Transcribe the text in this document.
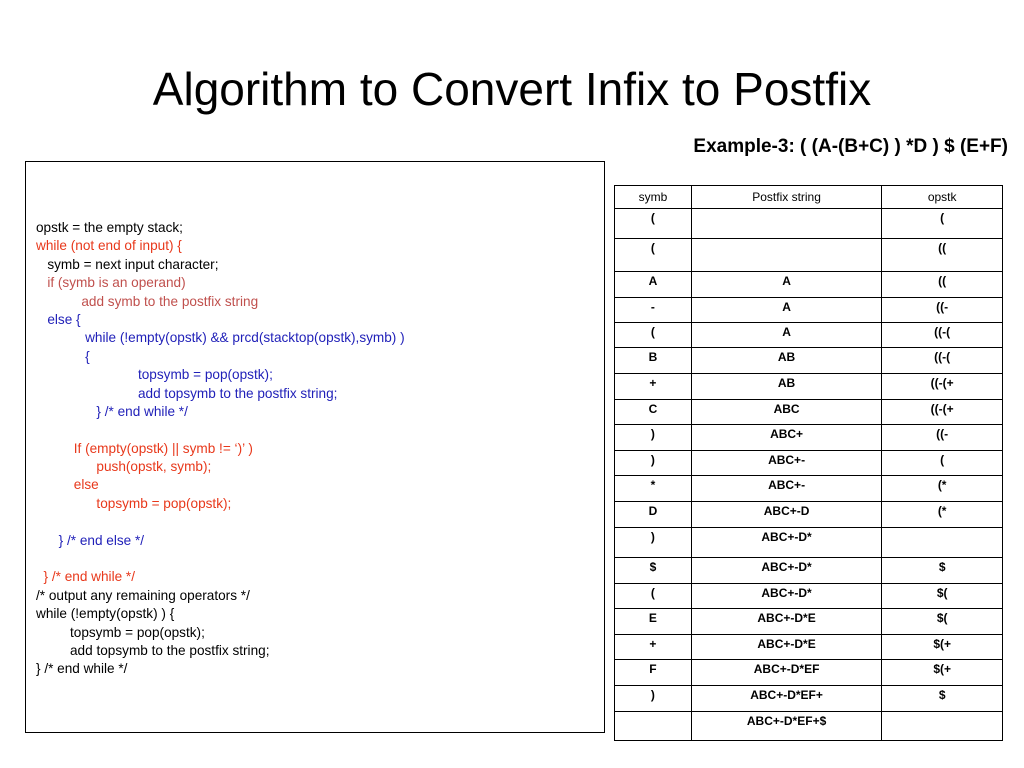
Algorithm to Convert Infix to Postfix
Example-3: ( (A-(B+C) ) *D ) $ (E+F)
opstk = the empty stack;
while (not end of input) {
symb = next input character;
if (symb is an operand)
add symb to the postfix string
else {
while (!empty(opstk) && prcd(stacktop(opstk),symb) )
{
topsymb = pop(opstk);
add topsymb to the postfix string;
} /* end while */
If (empty(opstk) || symb != ‘)’ )
push(opstk, symb);
else
topsymb = pop(opstk);
} /* end else */
} /* end while */
/* output any remaining operators */
while (!empty(opstk) ) {
topsymb = pop(opstk);
add topsymb to the postfix string;
} /* end while */
symb	Postfix string	opstk
(		(
(		((
A	A	((
-	A	((-
(	A	((-(
B	AB	((-(
+	AB	((-(+
C	ABC	((-(+
)	ABC+	((-
)	ABC+-	(
*	ABC+-	(*
D	ABC+-D	(*
)	ABC+-D*	
$	ABC+-D*	$
(	ABC+-D*	$(
E	ABC+-D*E	$(
+	ABC+-D*E	$(+
F	ABC+-D*EF	$(+
)	ABC+-D*EF+	$
	ABC+-D*EF+$	
